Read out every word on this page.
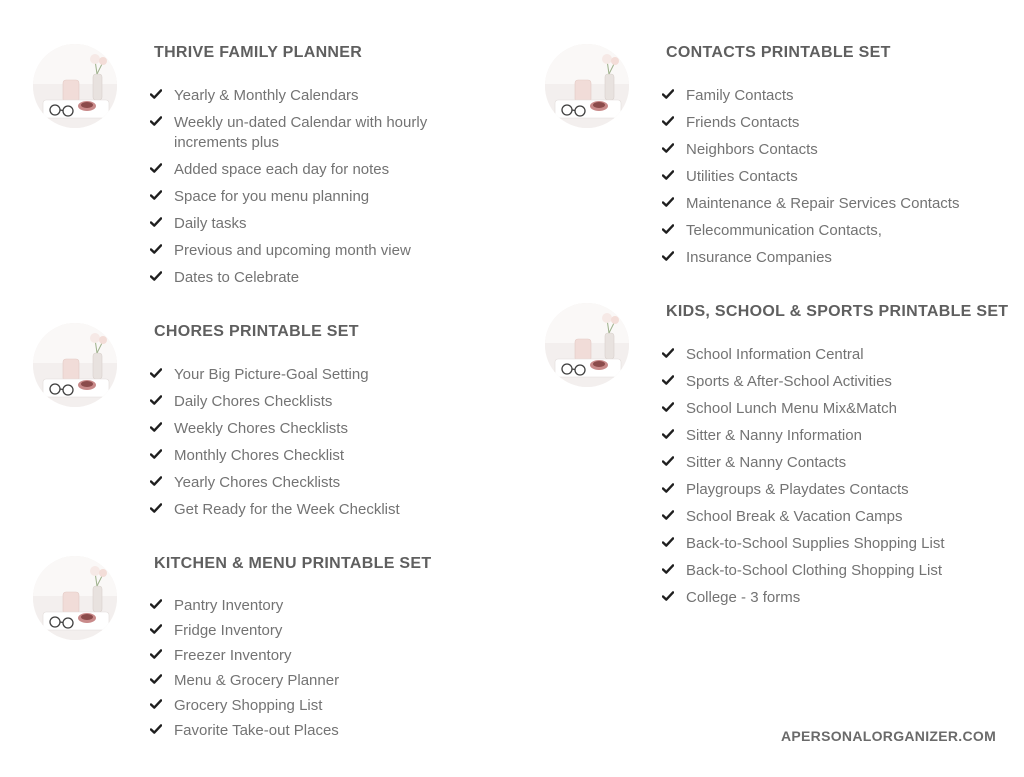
THRIVE FAMILY PLANNER
Yearly & Monthly Calendars
Weekly un-dated Calendar with hourly increments plus
Added space each day for notes
Space for you menu planning
Daily tasks
Previous and upcoming month view
Dates to Celebrate
CHORES PRINTABLE SET
Your Big Picture-Goal Setting
Daily Chores Checklists
Weekly Chores Checklists
Monthly Chores Checklist
Yearly Chores Checklists
Get Ready for the Week Checklist
KITCHEN & MENU PRINTABLE SET
Pantry Inventory
Fridge Inventory
Freezer Inventory
Menu & Grocery Planner
Grocery Shopping List
Favorite Take-out Places
CONTACTS PRINTABLE SET
Family Contacts
Friends Contacts
Neighbors Contacts
Utilities Contacts
Maintenance & Repair Services Contacts
Telecommunication Contacts,
Insurance Companies
KIDS, SCHOOL & SPORTS PRINTABLE SET
School Information Central
Sports & After-School Activities
School Lunch Menu Mix&Match
Sitter & Nanny Information
Sitter & Nanny Contacts
Playgroups & Playdates Contacts
School Break & Vacation Camps
Back-to-School Supplies Shopping List
Back-to-School Clothing Shopping List
College - 3 forms
APERSONALORGANIZER.COM
